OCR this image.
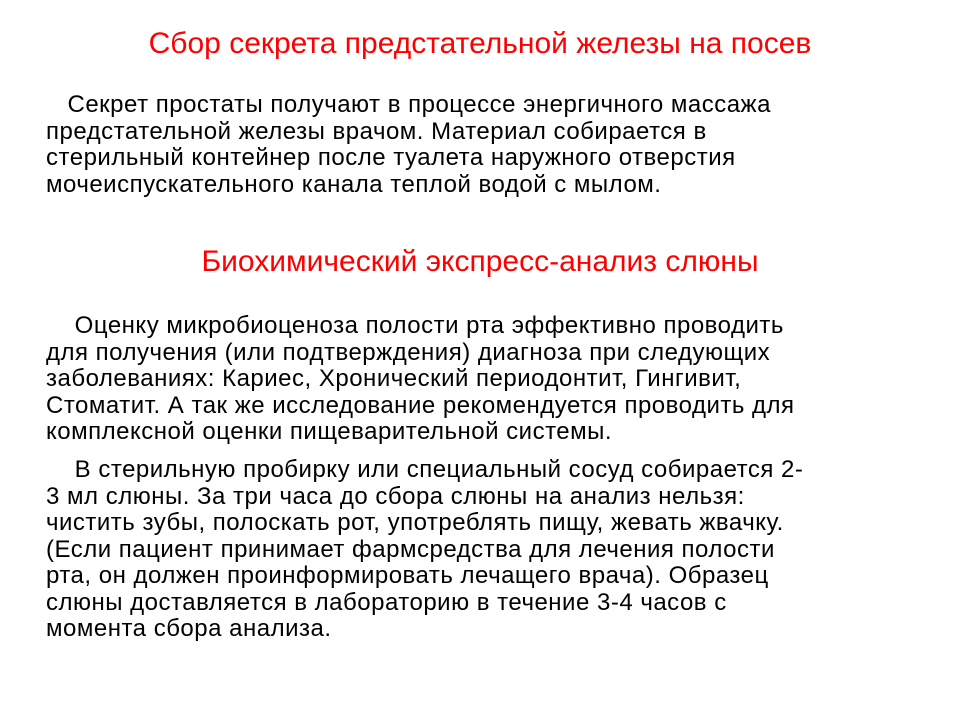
Сбор секрета предстательной железы на посев
Секрет простаты получают в процессе энергичного массажа
предстательной железы врачом. Материал собирается в
стерильный контейнер после туалета наружного отверстия
мочеиспускательного канала теплой водой с мылом.
Биохимический экспресс-анализ слюны
Оценку микробиоценоза полости рта эффективно проводить
для получения (или подтверждения) диагноза при следующих
заболеваниях: Кариес, Хронический периодонтит, Гингивит,
Стоматит. А так же исследование рекомендуется проводить для
комплексной оценки пищеварительной системы.
В стерильную пробирку или специальный сосуд собирается 2-
3 мл слюны. За три часа до сбора слюны на анализ нельзя:
чистить зубы, полоскать рот, употреблять пищу, жевать жвачку.
(Если пациент принимает фармсредства для лечения полости
рта, он должен проинформировать лечащего врача). Образец
слюны доставляется в лабораторию в течение 3-4 часов с
момента сбора анализа.
